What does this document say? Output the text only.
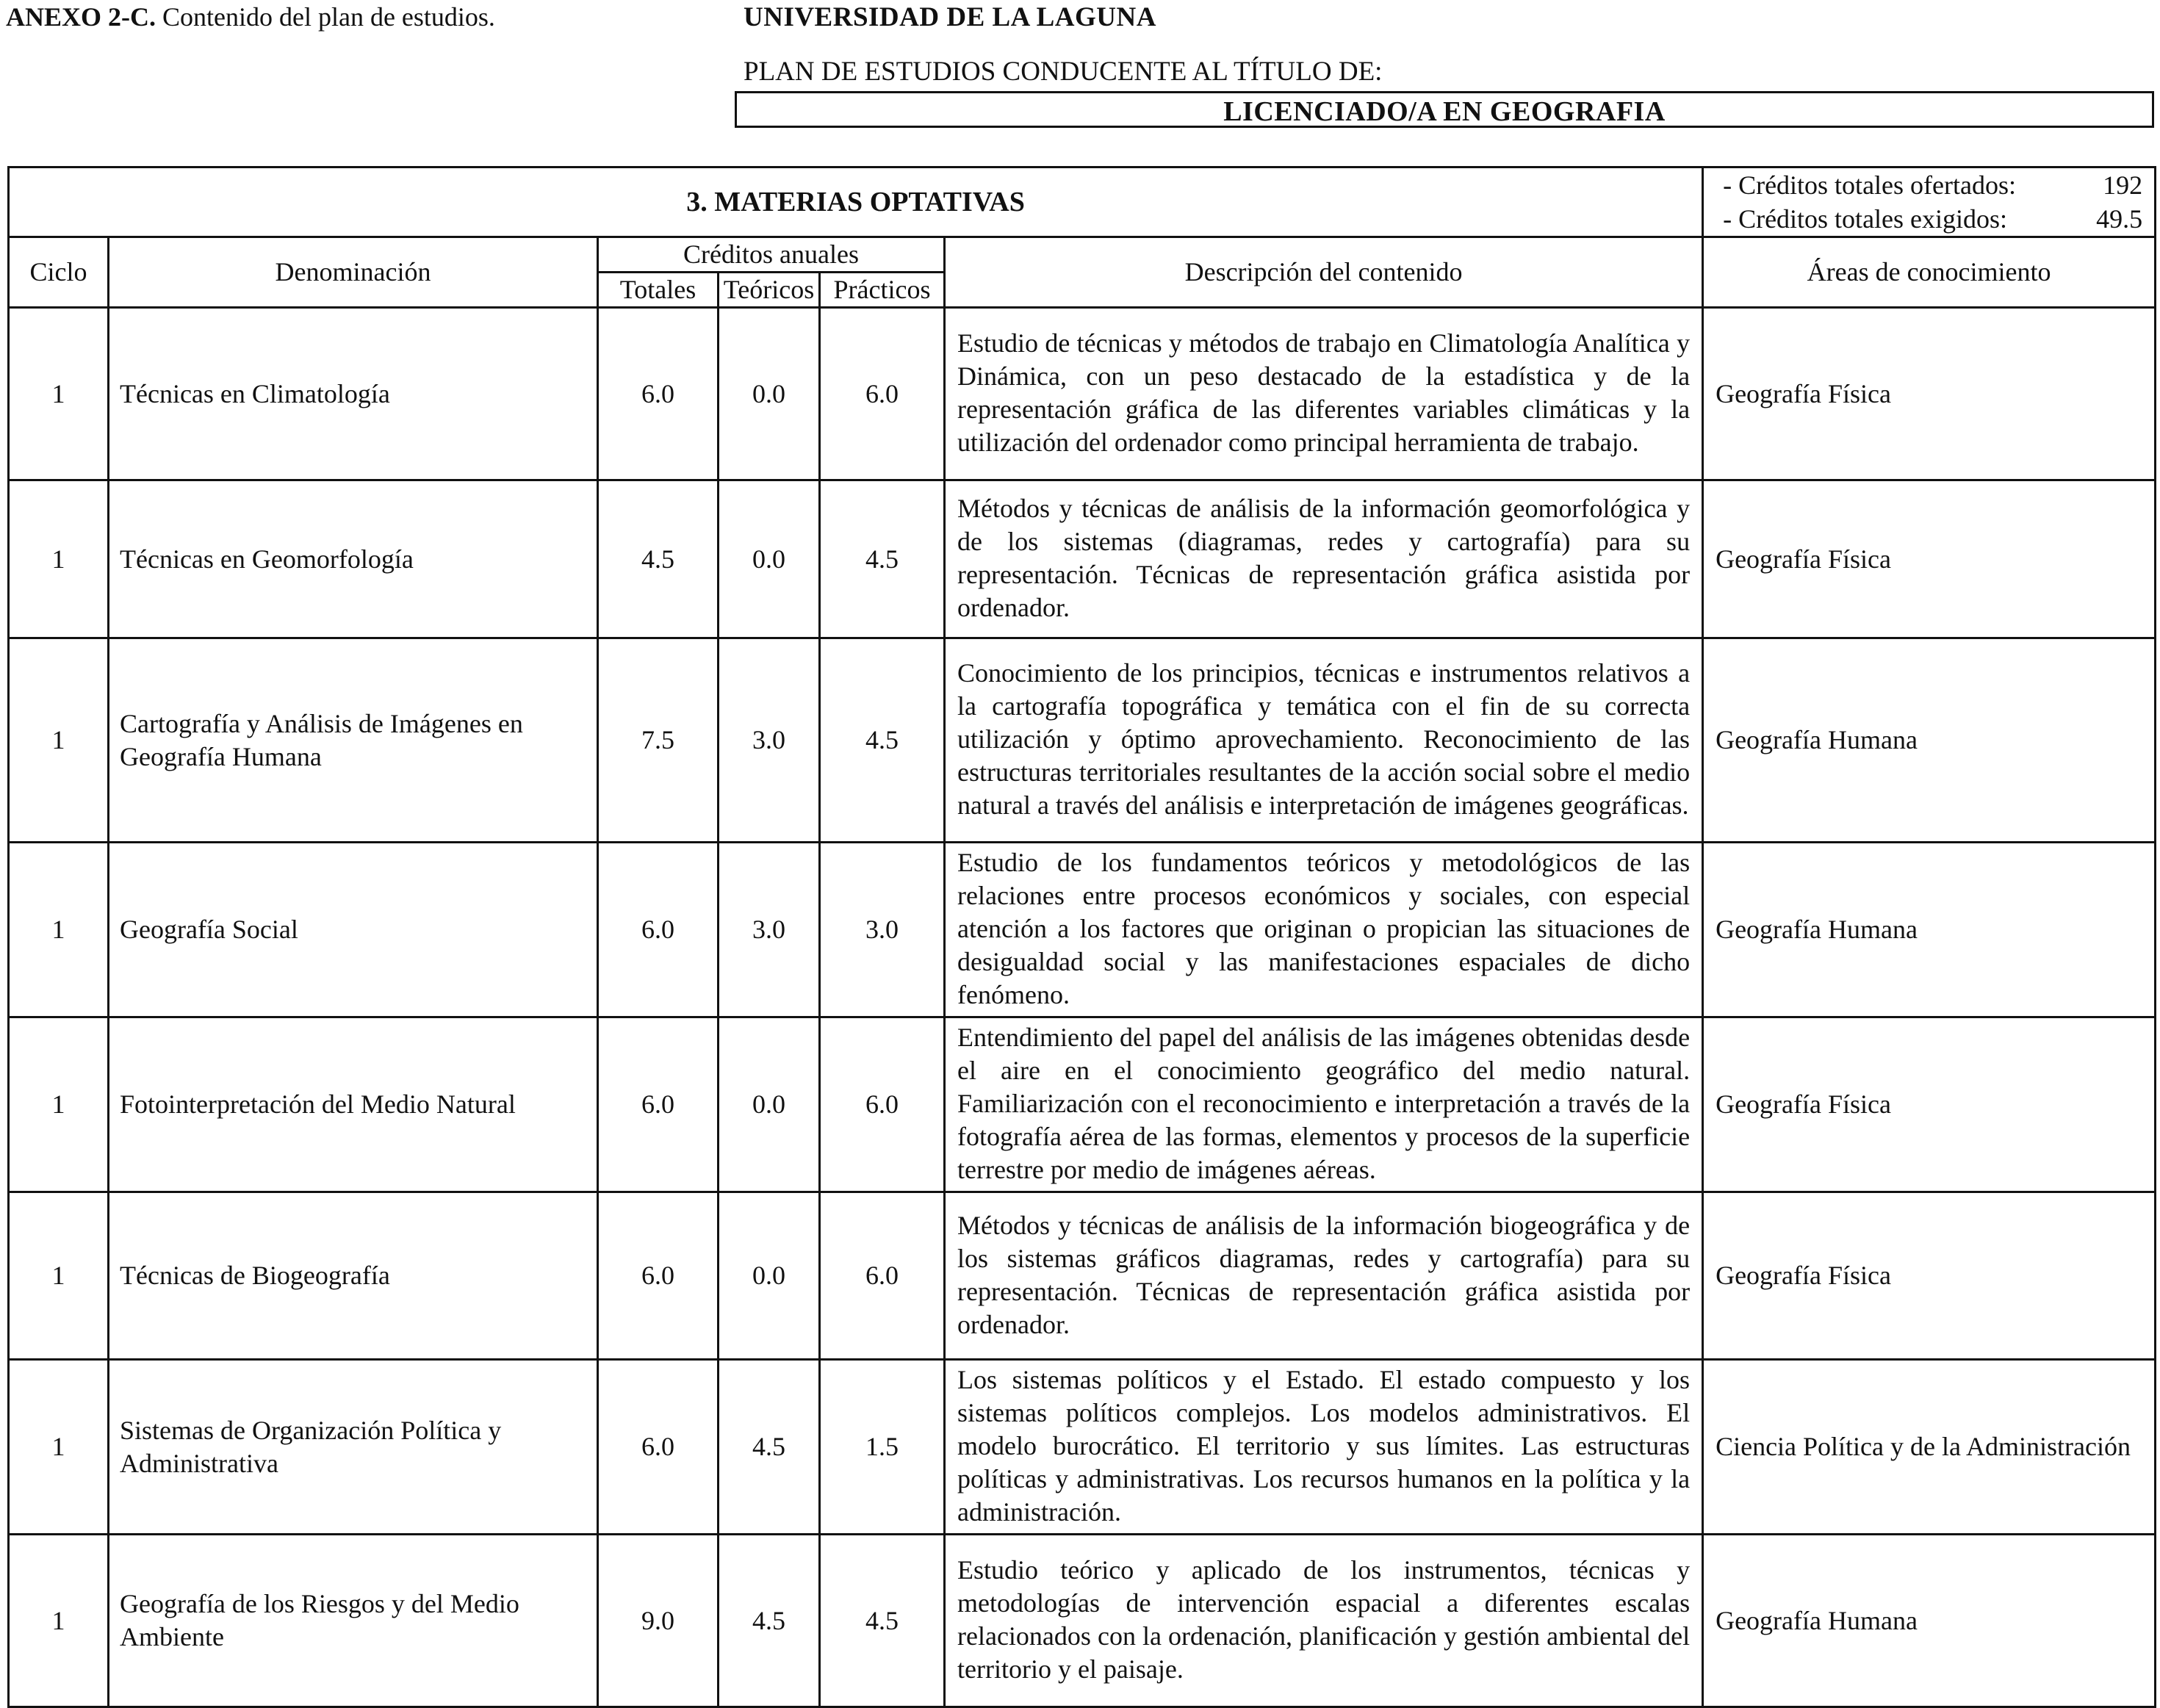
ANEXO 2-C. Contenido del plan de estudios.	UNIVERSIDAD DE LA LAGUNA
PLAN DE ESTUDIOS CONDUCENTE AL TÍTULO DE:
LICENCIADO/A EN GEOGRAFIA
3. MATERIAS OPTATIVAS						- Créditos totales ofertados: 192
- Créditos totales exigidos: 49.5

Ciclo	Denominación	Créditos anuales			Descripción del contenido	Áreas de conocimiento
		Totales	Teóricos	Prácticos		
1	Técnicas en Climatología	6.0	0.0	6.0	Estudio de técnicas y métodos de trabajo en Climatología Analítica y Dinámica, con un peso destacado de la estadística y de la representación gráfica de las diferentes variables climáticas y la utilización del ordenador como principal herramienta de trabajo.	Geografía Física
1	Técnicas en Geomorfología	4.5	0.0	4.5	Métodos y técnicas de análisis de la información geomorfológica y de los sistemas (diagramas, redes y cartografía) para su representación. Técnicas de representación gráfica asistida por ordenador.	Geografía Física
1	Cartografía y Análisis de Imágenes en Geografía Humana	7.5	3.0	4.5	Conocimiento de los principios, técnicas e instrumentos relativos a la cartografía topográfica y temática con el fin de su correcta utilización y óptimo aprovechamiento. Reconocimiento de las estructuras territoriales resultantes de la acción social sobre el medio natural a través del análisis e interpretación de imágenes geográficas.	Geografía Humana
1	Geografía Social	6.0	3.0	3.0	Estudio de los fundamentos teóricos y metodológicos de las relaciones entre procesos económicos y sociales, con especial atención a los factores que originan o propician las situaciones de desigualdad social y las manifestaciones espaciales de dicho fenómeno.	Geografía Humana
1	Fotointerpretación del Medio Natural	6.0	0.0	6.0	Entendimiento del papel del análisis de las imágenes obtenidas desde el aire en el conocimiento geográfico del medio natural. Familiarización con el reconocimiento e interpretación a través de la fotografía aérea de las formas, elementos y procesos de la superficie terrestre por medio de imágenes aéreas.	Geografía Física
1	Técnicas de Biogeografía	6.0	0.0	6.0	Métodos y técnicas de análisis de la información biogeográfica y de los sistemas gráficos diagramas, redes y cartografía) para su representación. Técnicas de representación gráfica asistida por ordenador.	Geografía Física
1	Sistemas de Organización Política y Administrativa	6.0	4.5	1.5	Los sistemas políticos y el Estado. El estado compuesto y los sistemas políticos complejos. Los modelos administrativos. El modelo burocrático. El territorio y sus límites. Las estructuras políticas y administrativas. Los recursos humanos en la política y la administración.	Ciencia Política y de la Administración
1	Geografía de los Riesgos y del Medio Ambiente	9.0	4.5	4.5	Estudio teórico y aplicado de los instrumentos, técnicas y metodologías de intervención espacial a diferentes escalas relacionados con la ordenación, planificación y gestión ambiental del territorio y el paisaje.	Geografía Humana
